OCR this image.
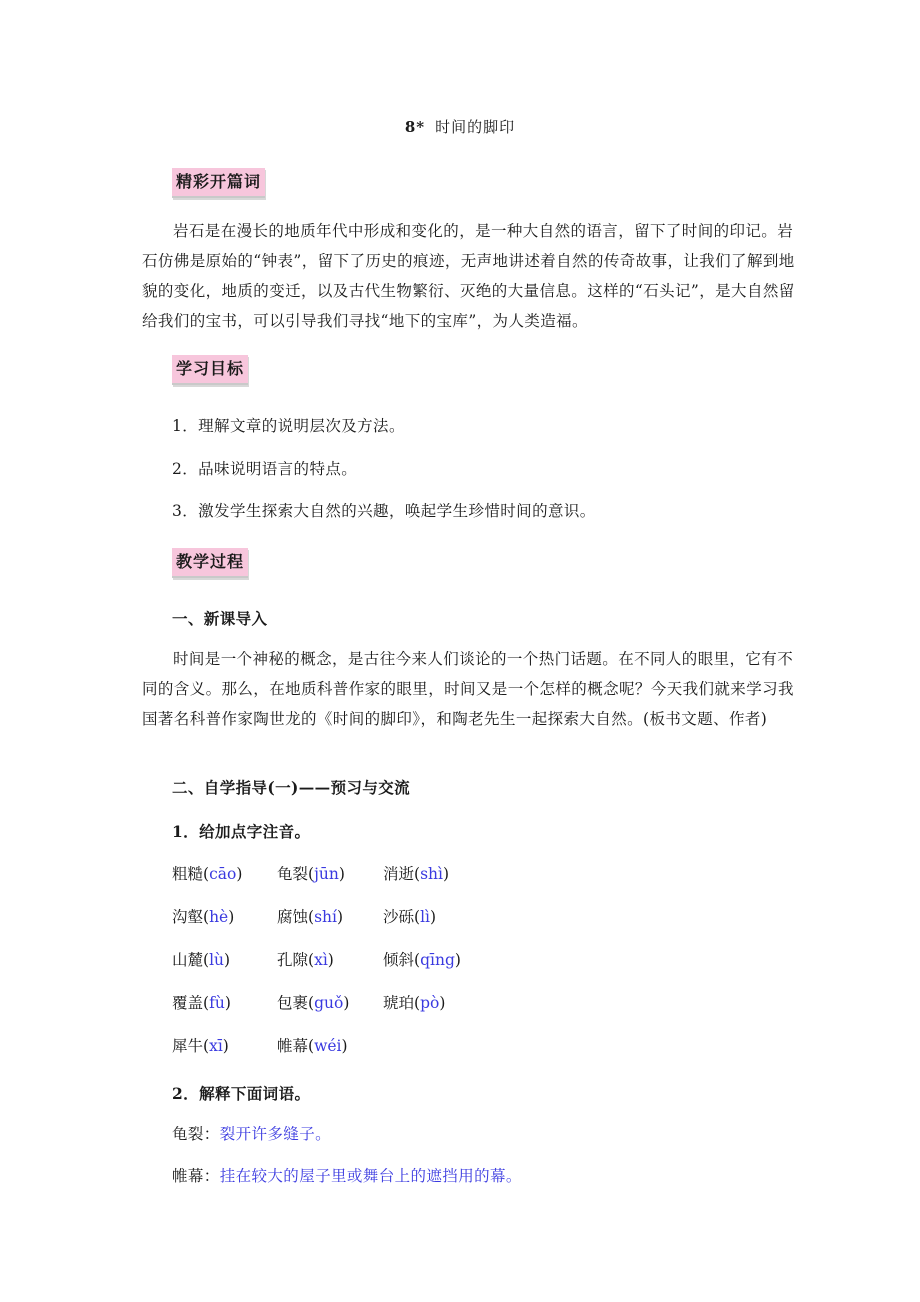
8* 时间的脚印
精彩开篇词

岩石是在漫长的地质年代中形成和变化的，是一种大自然的语言，留下了时间的印记。岩石仿佛是原始的“钟表”，留下了历史的痕迹，无声地讲述着自然的传奇故事，让我们了解到地貌的变化，地质的变迁，以及古代生物繁衍、灭绝的大量信息。这样的“石头记”，是大自然留给我们的宝书，可以引导我们寻找“地下的宝库”，为人类造福。

学习目标
1．理解文章的说明层次及方法。
2．品味说明语言的特点。
3．激发学生探索大自然的兴趣，唤起学生珍惜时间的意识。
教学过程
一、新课导入

时间是一个神秘的概念，是古往今来人们谈论的一个热门话题。在不同人的眼里，它有不同的含义。那么，在地质科普作家的眼里，时间又是一个怎样的概念呢？今天我们就来学习我国著名科普作家陶世龙的《时间的脚印》，和陶老先生一起探索大自然。(板书文题、作者)

二、自学指导(一)——预习与交流
1．给加点字注音。
粗糙(cāo) 龟裂(jūn) 消逝(shì)
沟壑(hè)	腐蚀(shí)	沙砾(lì)
山麓(lù)	孔隙(xì)	倾斜(qīng)
覆盖(fù)	包裹(guǒ) 琥珀(pò)
犀牛(xī)	帷幕(wéi)
2．解释下面词语。
龟裂：裂开许多缝子。
帷幕：挂在较大的屋子里或舞台上的遮挡用的幕。
